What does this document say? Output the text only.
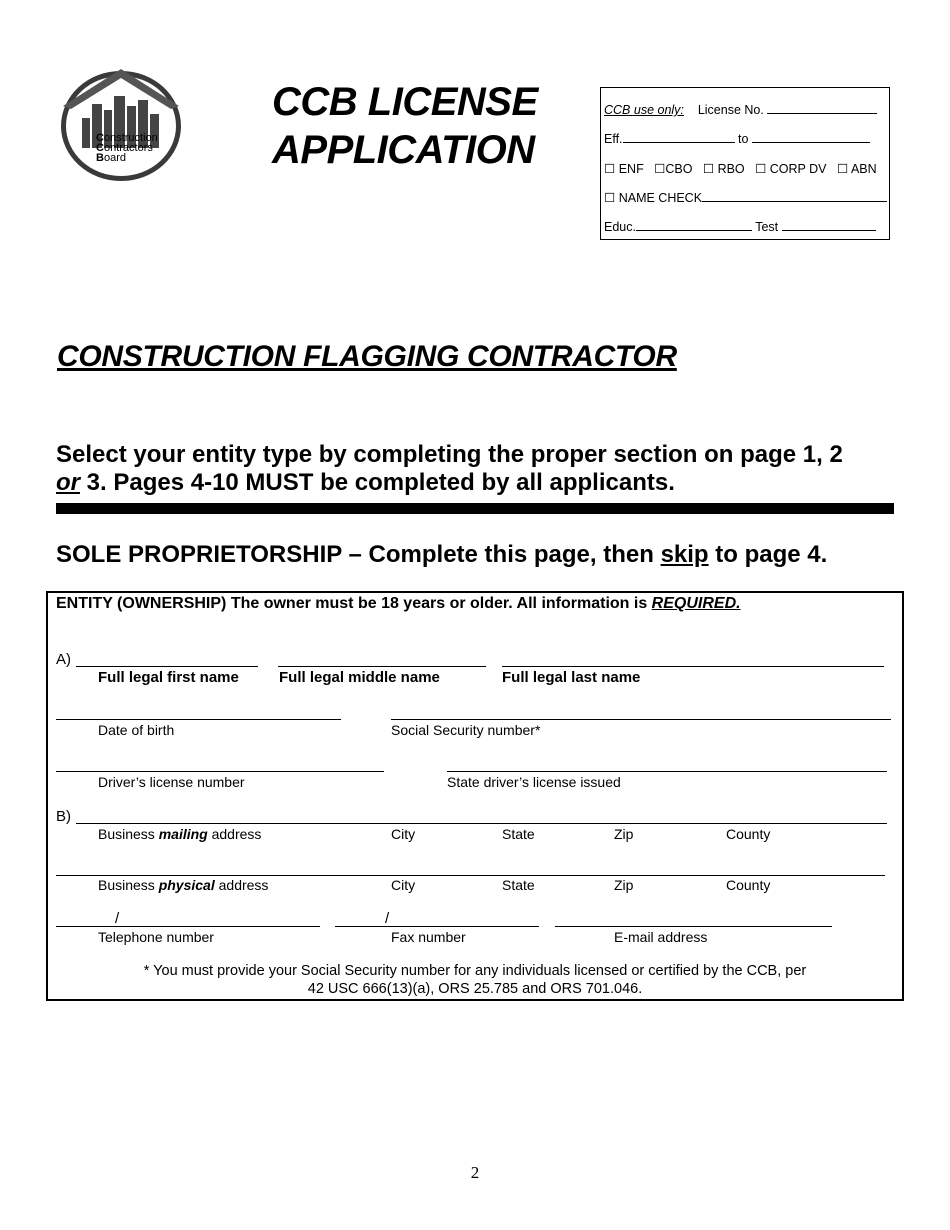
Construction
Contractors
Board
CCB LICENSE
APPLICATION
CCB use only: License No.
Eff.	to
☐ ENF ☐CBO ☐ RBO ☐ CORP DV ☐ ABN
☐ NAME CHECK
Educ.	Test
CONSTRUCTION FLAGGING CONTRACTOR
Select your entity type by completing the proper section on page 1, 2
or 3. Pages 4-10 MUST be completed by all applicants.
SOLE PROPRIETORSHIP – Complete this page, then skip to page 4.
ENTITY (OWNERSHIP) The owner must be 18 years or older. All information is REQUIRED.
A)
Full legal first name	Full legal middle name	Full legal last name
Date of birth	Social Security number*
Driver’s license number	State driver’s license issued
B)
Business mailing address	City	State	Zip	County
Business physical address	City	State	Zip	County
/	/
Telephone number	Fax number	E-mail address
* You must provide your Social Security number for any individuals licensed or certified by the CCB, per
42 USC 666(13)(a), ORS 25.785 and ORS 701.046.
2
